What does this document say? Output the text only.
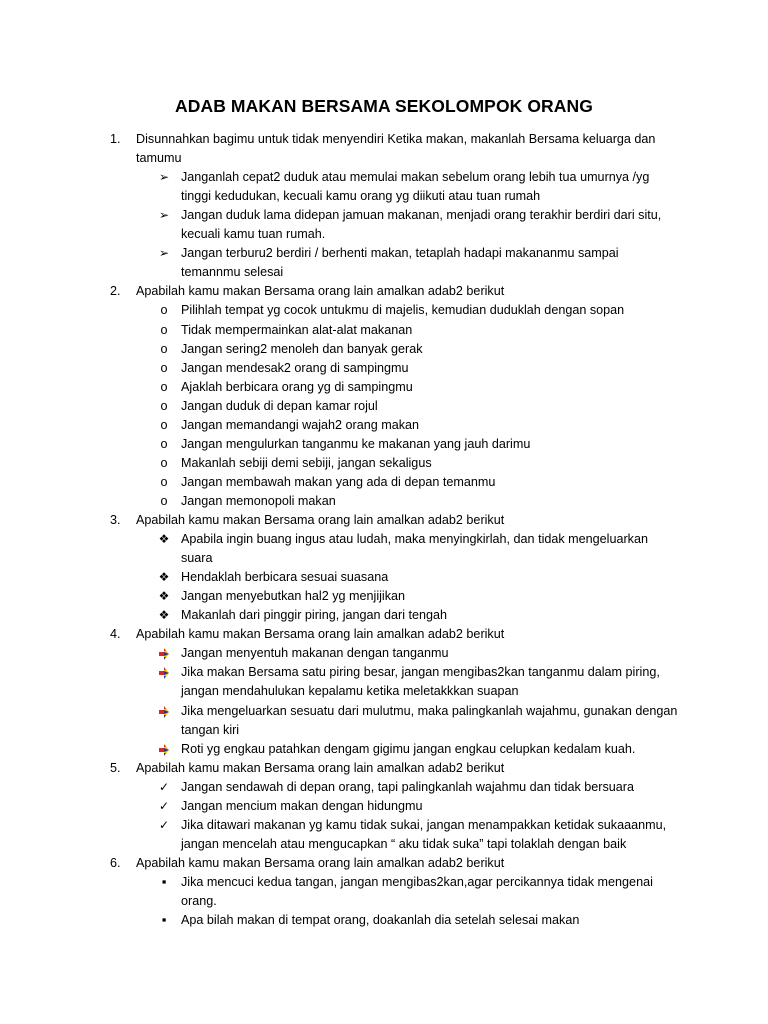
ADAB MAKAN BERSAMA SEKOLOMPOK ORANG
1. Disunnahkan bagimu untuk tidak menyendiri Ketika makan, makanlah Bersama keluarga dan
tamumu
➢ Janganlah cepat2 duduk atau memulai makan sebelum orang lebih tua umurnya /yg
tinggi kedudukan, kecuali kamu orang yg diikuti atau tuan rumah
➢ Jangan duduk lama didepan jamuan makanan, menjadi orang terakhir berdiri dari situ,
kecuali kamu tuan rumah.
➢ Jangan terburu2 berdiri / berhenti makan, tetaplah hadapi makananmu sampai
temannmu selesai
2. Apabilah kamu makan Bersama orang lain amalkan adab2 berikut
o Pilihlah tempat yg cocok untukmu di majelis, kemudian duduklah dengan sopan
o Tidak mempermainkan alat-alat makanan
o Jangan sering2 menoleh dan banyak gerak
o Jangan mendesak2 orang di sampingmu
o Ajaklah berbicara orang yg di sampingmu
o Jangan duduk di depan kamar rojul
o Jangan memandangi wajah2 orang makan
o Jangan mengulurkan tanganmu ke makanan yang jauh darimu
o Makanlah sebiji demi sebiji, jangan sekaligus
o Jangan membawah makan yang ada di depan temanmu
o Jangan memonopoli makan
3. Apabilah kamu makan Bersama orang lain amalkan adab2 berikut
❖ Apabila ingin buang ingus atau ludah, maka menyingkirlah, dan tidak mengeluarkan
suara
❖ Hendaklah berbicara sesuai suasana
❖ Jangan menyebutkan hal2 yg menjijikan
❖ Makanlah dari pinggir piring, jangan dari tengah
4. Apabilah kamu makan Bersama orang lain amalkan adab2 berikut
Jangan menyentuh makanan dengan tanganmu
Jika makan Bersama satu piring besar, jangan mengibas2kan tanganmu dalam piring,
jangan mendahulukan kepalamu ketika meletakkkan suapan
Jika mengeluarkan sesuatu dari mulutmu, maka palingkanlah wajahmu, gunakan dengan
tangan kiri
Roti yg engkau patahkan dengam gigimu jangan engkau celupkan kedalam kuah.
5. Apabilah kamu makan Bersama orang lain amalkan adab2 berikut
✓ Jangan sendawah di depan orang, tapi palingkanlah wajahmu dan tidak bersuara
✓ Jangan mencium makan dengan hidungmu
✓ Jika ditawari makanan yg kamu tidak sukai, jangan menampakkan ketidak sukaaanmu,
jangan mencelah atau mengucapkan “ aku tidak suka” tapi tolaklah dengan baik
6. Apabilah kamu makan Bersama orang lain amalkan adab2 berikut
▪	Jika mencuci kedua tangan, jangan mengibas2kan,agar percikannya tidak mengenai
orang.
▪	Apa bilah makan di tempat orang, doakanlah dia setelah selesai makan
